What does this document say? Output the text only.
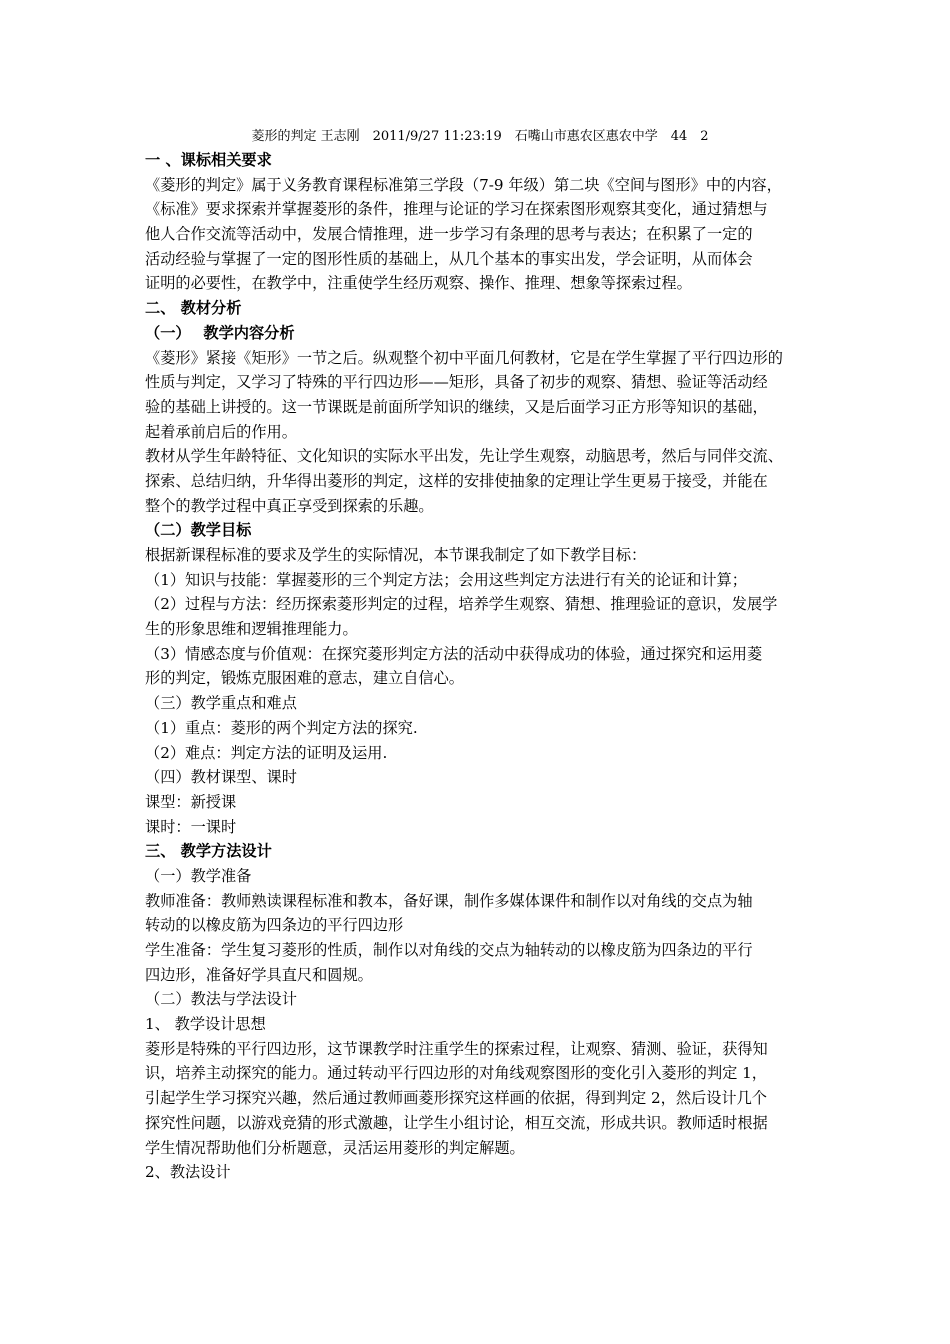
菱形的判定 王志刚　2011/9/27 11:23:19　石嘴山市惠农区惠农中学　44　2
一 、课标相关要求
《菱形的判定》属于义务教育课程标准第三学段（7-9 年级）第二块《空间与图形》中的内容，
《标准》要求探索并掌握菱形的条件，推理与论证的学习在探索图形观察其变化，通过猜想与
他人合作交流等活动中，发展合情推理，进一步学习有条理的思考与表达；在积累了一定的
活动经验与掌握了一定的图形性质的基础上，从几个基本的事实出发，学会证明，从而体会
证明的必要性，在教学中，注重使学生经历观察、操作、推理、想象等探索过程。
二、 教材分析
（一）　 教学内容分析
《菱形》紧接《矩形》一节之后。纵观整个初中平面几何教材，它是在学生掌握了平行四边形的
性质与判定，又学习了特殊的平行四边形——矩形，具备了初步的观察、猜想、验证等活动经
验的基础上讲授的。这一节课既是前面所学知识的继续，又是后面学习正方形等知识的基础，
起着承前启后的作用。
教材从学生年龄特征、文化知识的实际水平出发，先让学生观察，动脑思考，然后与同伴交流、
探索、总结归纳，升华得出菱形的判定，这样的安排使抽象的定理让学生更易于接受，并能在
整个的教学过程中真正享受到探索的乐趣。
（二）教学目标
根据新课程标准的要求及学生的实际情况，本节课我制定了如下教学目标：
（1）知识与技能：掌握菱形的三个判定方法；会用这些判定方法进行有关的论证和计算；
（2）过程与方法：经历探索菱形判定的过程，培养学生观察、猜想、推理验证的意识，发展学
生的形象思维和逻辑推理能力。
（3）情感态度与价值观：在探究菱形判定方法的活动中获得成功的体验，通过探究和运用菱
形的判定，锻炼克服困难的意志，建立自信心。
（三）教学重点和难点
（1）重点：菱形的两个判定方法的探究.
（2）难点：判定方法的证明及运用.
（四）教材课型、课时
课型：新授课
课时：一课时
三、 教学方法设计
（一）教学准备
教师准备：教师熟读课程标准和教本，备好课，制作多媒体课件和制作以对角线的交点为轴
转动的以橡皮筋为四条边的平行四边形
学生准备：学生复习菱形的性质，制作以对角线的交点为轴转动的以橡皮筋为四条边的平行
四边形，准备好学具直尺和圆规。
（二）教法与学法设计
1、 教学设计思想
菱形是特殊的平行四边形，这节课教学时注重学生的探索过程，让观察、猜测、验证，获得知
识，培养主动探究的能力。通过转动平行四边形的对角线观察图形的变化引入菱形的判定 1，
引起学生学习探究兴趣，然后通过教师画菱形探究这样画的依据，得到判定 2，然后设计几个
探究性问题，以游戏竞猜的形式激趣，让学生小组讨论，相互交流，形成共识。教师适时根据
学生情况帮助他们分析题意，灵活运用菱形的判定解题。
2、教法设计
